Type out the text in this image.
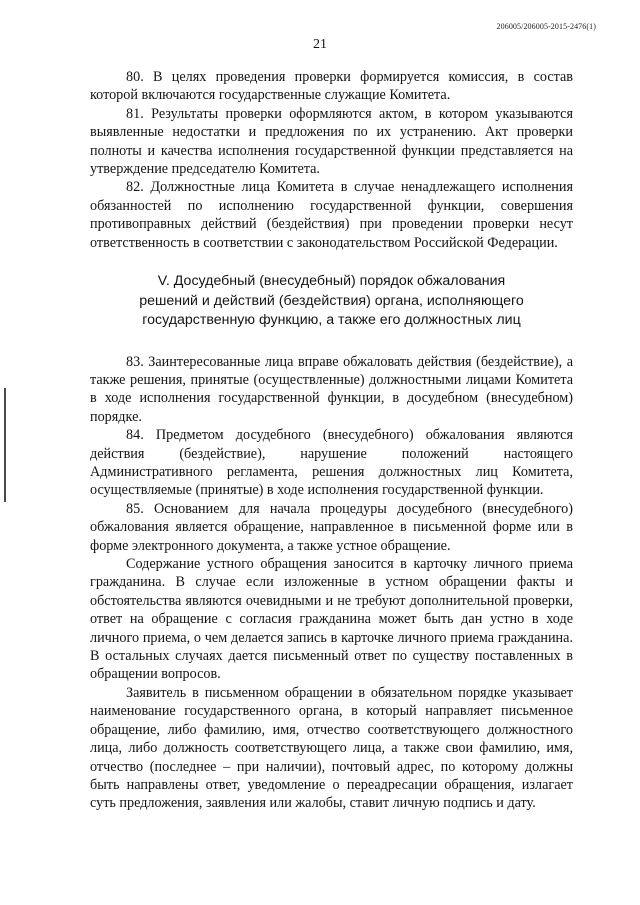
206005/206005-2015-2476(1)
21

80. В целях проведения проверки формируется комиссия, в состав которой включаются государственные служащие Комитета.

81. Результаты проверки оформляются актом, в котором указываются выявленные недостатки и предложения по их устранению. Акт проверки полноты и качества исполнения государственной функции представляется на утверждение председателю Комитета.

82. Должностные лица Комитета в случае ненадлежащего исполнения обязанностей по исполнению государственной функции, совершения противоправных действий (бездействия) при проведении проверки несут ответственность в соответствии с законодательством Российской Федерации.

V. Досудебный (внесудебный) порядок обжалования
решений и действий (бездействия) органа, исполняющего
государственную функцию, а также его должностных лиц

83. Заинтересованные лица вправе обжаловать действия (бездействие), а также решения, принятые (осуществленные) должностными лицами Комитета в ходе исполнения государственной функции, в досудебном (внесудебном) порядке.

84. Предметом досудебного (внесудебного) обжалования являются действия (бездействие), нарушение положений настоящего Административного регламента, решения должностных лиц Комитета, осуществляемые (принятые) в ходе исполнения государственной функции.

85. Основанием для начала процедуры досудебного (внесудебного) обжалования является обращение, направленное в письменной форме или в форме электронного документа, а также устное обращение.

Содержание устного обращения заносится в карточку личного приема гражданина. В случае если изложенные в устном обращении факты и обстоятельства являются очевидными и не требуют дополнительной проверки, ответ на обращение с согласия гражданина может быть дан устно в ходе личного приема, о чем делается запись в карточке личного приема гражданина. В остальных случаях дается письменный ответ по существу поставленных в обращении вопросов.

Заявитель в письменном обращении в обязательном порядке указывает наименование государственного органа, в который направляет письменное обращение, либо фамилию, имя, отчество соответствующего должностного лица, либо должность соответствующего лица, а также свои фамилию, имя, отчество (последнее – при наличии), почтовый адрес, по которому должны быть направлены ответ, уведомление о переадресации обращения, излагает суть предложения, заявления или жалобы, ставит личную подпись и дату.
